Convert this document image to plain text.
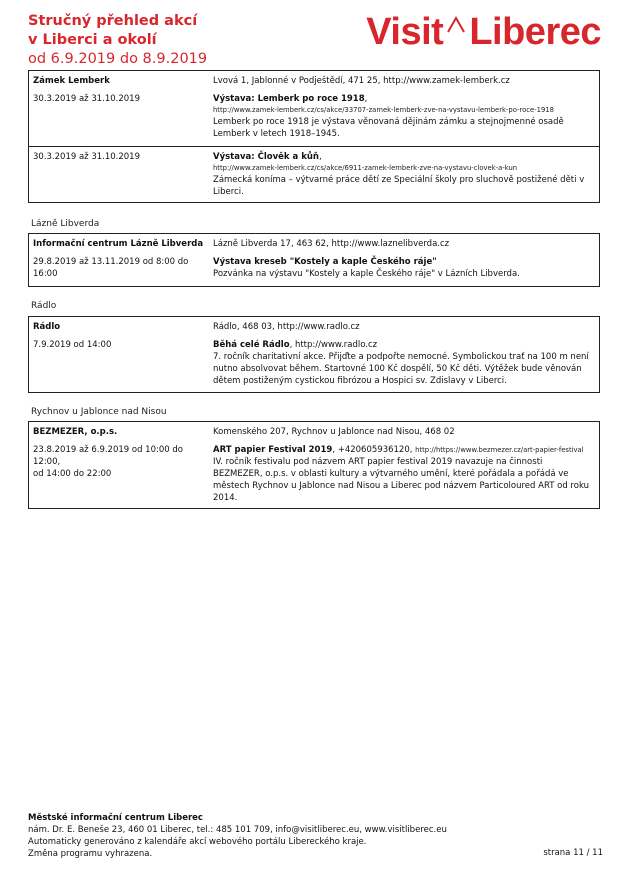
Stručný přehled akcí
v Liberci a okolí
od 6.9.2019 do 8.9.2019
Visit Liberec
Zámek Lemberk	Lvová 1, Jablonné v Podještědí, 471 25, http://www.zamek-lemberk.cz
30.3.2019 až 31.10.2019	Výstava: Lemberk po roce 1918,
http://www.zamek-lemberk.cz/cs/akce/33707-zamek-lemberk-zve-na-vystavu-lemberk-po-roce-1918
Lemberk po roce 1918 je výstava věnovaná dějinám zámku a stejnojmenné osadě Lemberk v letech 1918–1945.
30.3.2019 až 31.10.2019	Výstava: Člověk a kůň,
http://www.zamek-lemberk.cz/cs/akce/6911-zamek-lemberk-zve-na-vystavu-clovek-a-kun
Zámecká koníma – výtvarné práce dětí ze Speciální školy pro sluchově postižené děti v Liberci.
Lázně Libverda
Informační centrum Lázně Libverda	Lázně Libverda 17, 463 62, http://www.laznelibverda.cz
29.8.2019 až 13.11.2019 od 8:00 do 16:00
Výstava kreseb "Kostely a kaple Českého ráje"
Pozvánka na výstavu "Kostely a kaple Českého ráje" v Lázních Libverda.
Rádlo
Rádlo	Rádlo, 468 03, http://www.radlo.cz
7.9.2019 od 14:00	Běhá celé Rádlo, http://www.radlo.cz
7. ročník charitativní akce. Přijďte a podpořte nemocné. Symbolickou trať na 100 m není nutno absolvovat během. Startovné 100 Kč dospělí, 50 Kč děti. Výtěžek bude věnován dětem postiženým cystickou fibrózou a Hospici sv. Zdislavy v Liberci.
Rychnov u Jablonce nad Nisou
BEZMEZER, o.p.s.	Komenského 207, Rychnov u Jablonce nad Nisou, 468 02
23.8.2019 až 6.9.2019 od 10:00 do 12:00,
od 14:00 do 22:00
ART papier Festival 2019, +420605936120, http://https://www.bezmezer.cz/art-papier-festival
IV. ročník festivalu pod názvem ART papier festival 2019 navazuje na činnosti BEZMEZER, o.p.s. v oblasti kultury a výtvarného umění, které pořádala a pořádá ve městech Rychnov u Jablonce nad Nisou a Liberec pod názvem Particoloured ART od roku 2014.
Městské informační centrum Liberec
nám. Dr. E. Beneše 23, 460 01 Liberec, tel.: 485 101 709, info@visitliberec.eu, www.visitliberec.eu
Automaticky generováno z kalendáře akcí webového portálu Libereckého kraje.
Změna programu vyhrazena.	strana 11 / 11
